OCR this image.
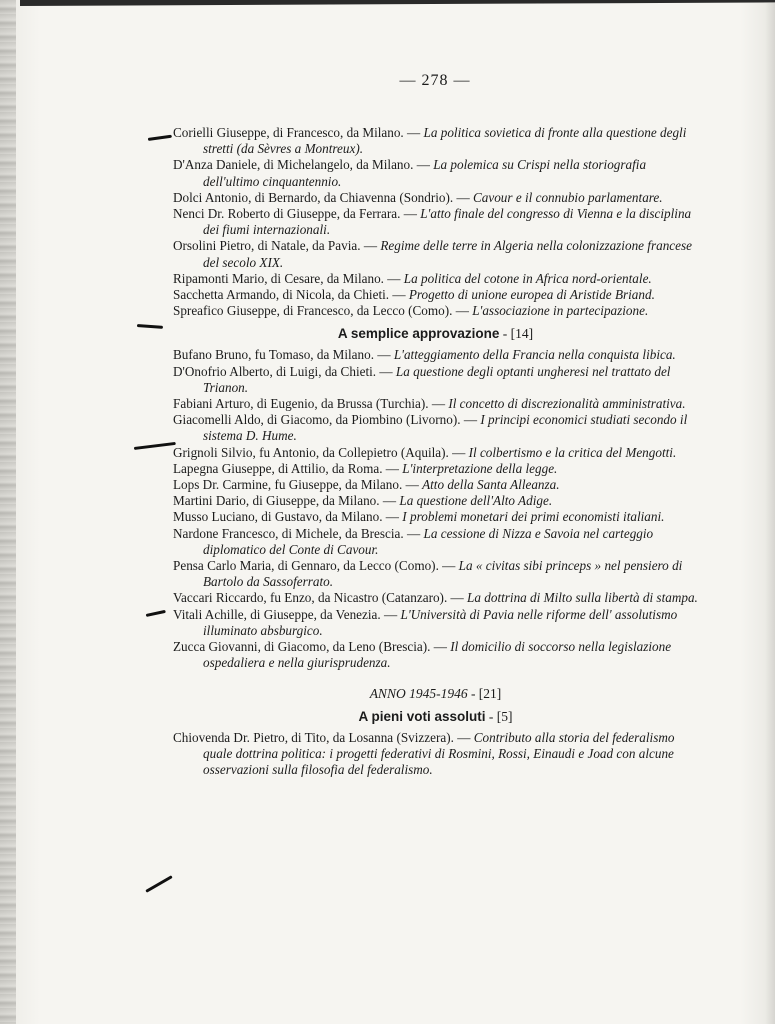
— 278 —

Corielli Giuseppe, di Francesco, da Milano. — La politica sovietica di fronte alla questione degli stretti (da Sèvres a Montreux).

D'Anza Daniele, di Michelangelo, da Milano. — La polemica su Crispi nella storiografia dell'ultimo cinquantennio.

Dolci Antonio, di Bernardo, da Chiavenna (Sondrio). — Cavour e il connubio parlamentare.

Nenci Dr. Roberto di Giuseppe, da Ferrara. — L'atto finale del congresso di Vienna e la disciplina dei fiumi internazionali.

Orsolini Pietro, di Natale, da Pavia. — Regime delle terre in Algeria nella colonizzazione francese del secolo XIX.

Ripamonti Mario, di Cesare, da Milano. — La politica del cotone in Africa nord-orientale.

Sacchetta Armando, di Nicola, da Chieti. — Progetto di unione europea di Aristide Briand.

Spreafico Giuseppe, di Francesco, da Lecco (Como). — L'associazione in partecipazione.

A semplice approvazione - [14]

Bufano Bruno, fu Tomaso, da Milano. — L'atteggiamento della Francia nella conquista libica.

D'Onofrio Alberto, di Luigi, da Chieti. — La questione degli optanti ungheresi nel trattato del Trianon.

Fabiani Arturo, di Eugenio, da Brussa (Turchia). — Il concetto di discrezionalità amministrativa.

Giacomelli Aldo, di Giacomo, da Piombino (Livorno). — I principi economici studiati secondo il sistema D. Hume.

Grignoli Silvio, fu Antonio, da Collepietro (Aquila). — Il colbertismo e la critica del Mengotti.

Lapegna Giuseppe, di Attilio, da Roma. — L'interpretazione della legge.

Lops Dr. Carmine, fu Giuseppe, da Milano. — Atto della Santa Alleanza.

Martini Dario, di Giuseppe, da Milano. — La questione dell'Alto Adige.

Musso Luciano, di Gustavo, da Milano. — I problemi monetari dei primi economisti italiani.

Nardone Francesco, di Michele, da Brescia. — La cessione di Nizza e Savoia nel carteggio diplomatico del Conte di Cavour.

Pensa Carlo Maria, di Gennaro, da Lecco (Como). — La « civitas sibi princeps » nel pensiero di Bartolo da Sassoferrato.

Vaccari Riccardo, fu Enzo, da Nicastro (Catanzaro). — La dottrina di Milto sulla libertà di stampa.

Vitali Achille, di Giuseppe, da Venezia. — L'Università di Pavia nelle riforme dell' assolutismo illuminato absburgico.

Zucca Giovanni, di Giacomo, da Leno (Brescia). — Il domicilio di soccorso nella legislazione ospedaliera e nella giurisprudenza.

ANNO 1945-1946 - [21]
A pieni voti assoluti - [5]

Chiovenda Dr. Pietro, di Tito, da Losanna (Svizzera). — Contributo alla storia del federalismo quale dottrina politica: i progetti federativi di Rosmini, Rossi, Einaudi e Joad con alcune osservazioni sulla filosofia del federalismo.
